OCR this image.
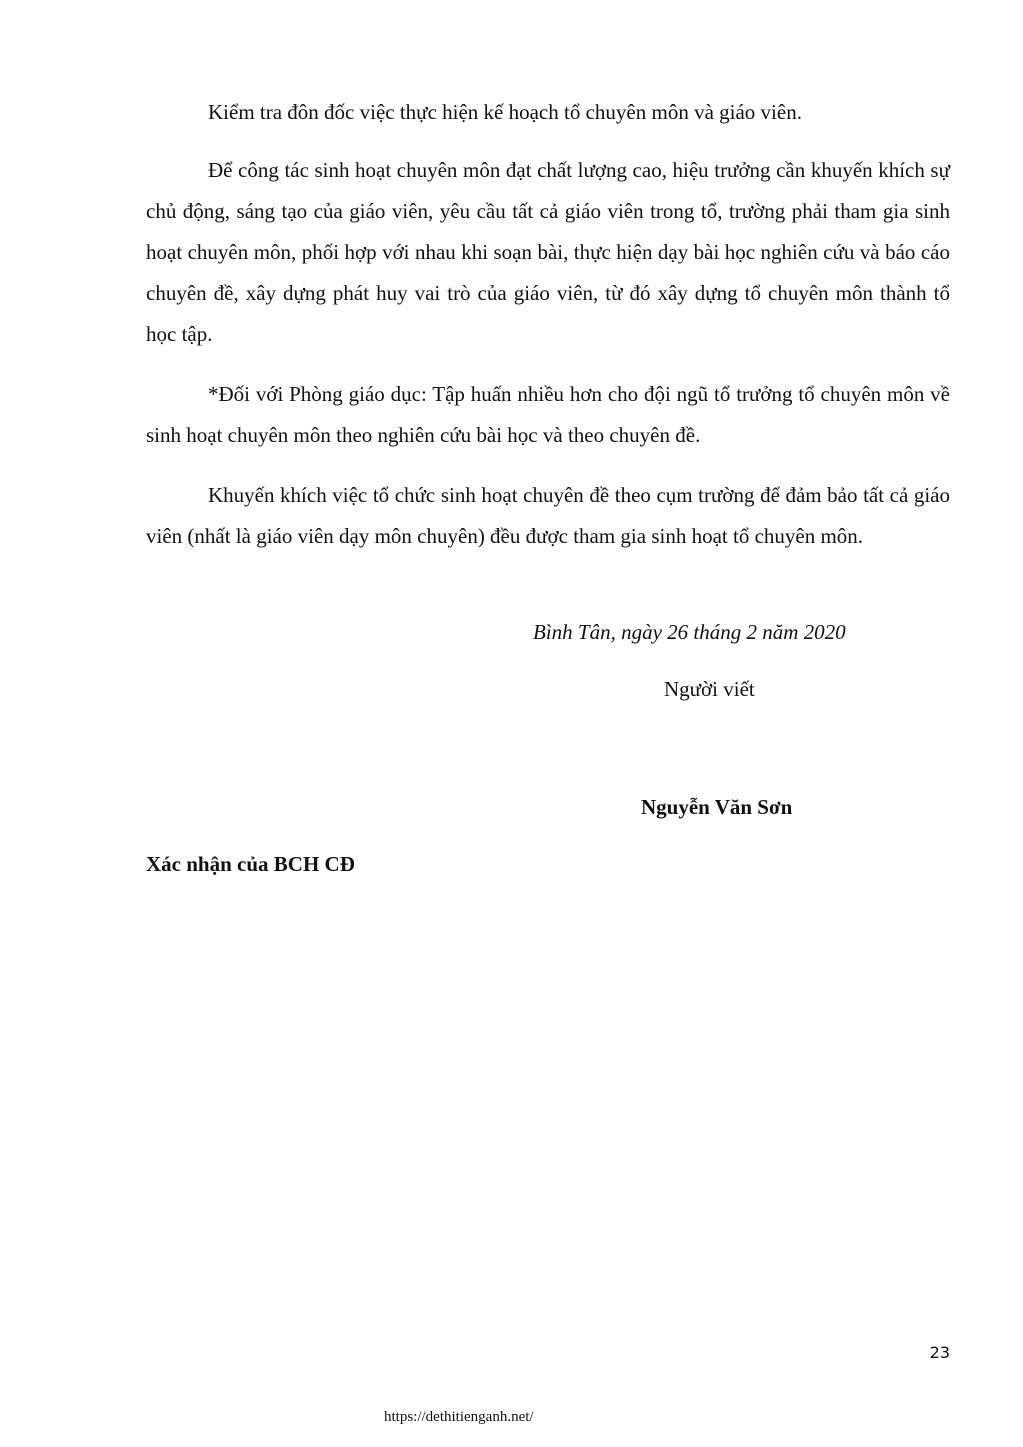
Kiểm tra đôn đốc việc thực hiện kế hoạch tổ chuyên môn và giáo viên.

Để công tác sinh hoạt chuyên môn đạt chất lượng cao, hiệu trưởng cần khuyến khích sự chủ động, sáng tạo của giáo viên, yêu cầu tất cả giáo viên trong tổ, trường phải tham gia sinh hoạt chuyên môn, phối hợp với nhau khi soạn bài, thực hiện dạy bài học nghiên cứu và báo cáo chuyên đề, xây dựng phát huy vai trò của giáo viên, từ đó xây dựng tổ chuyên môn thành tổ học tập.

*Đối với Phòng giáo dục: Tập huấn nhiều hơn cho đội ngũ tổ trưởng tổ chuyên môn về sinh hoạt chuyên môn theo nghiên cứu bài học và theo chuyên đề.

Khuyến khích việc tổ chức sinh hoạt chuyên đề theo cụm trường để đảm bảo tất cả giáo viên (nhất là giáo viên dạy môn chuyên) đều được tham gia sinh hoạt tổ chuyên môn.

Bình Tân, ngày 26 tháng 2 năm 2020

Người viết

Nguyễn Văn Sơn

Xác nhận của BCH CĐ

23

https://dethitienganh.net/
